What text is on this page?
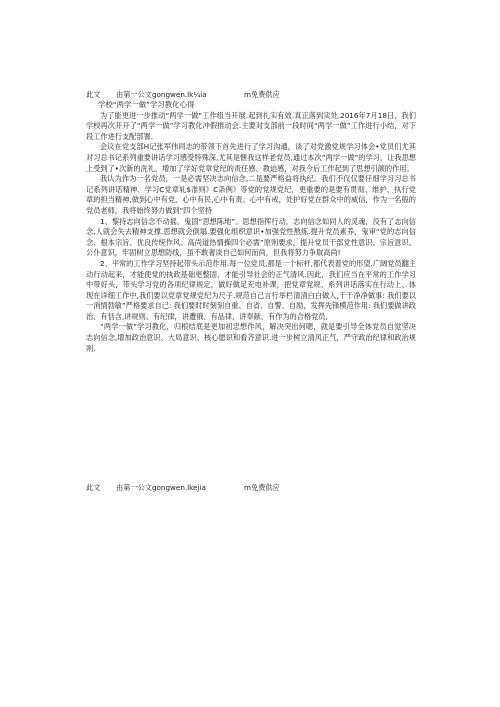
此文 由第一公文gongwen.lk¼ia	m免费供应
学校“两学一做”学习教化心得

为了能更进一步推动“两学一做”工作组当开展.起到扎实有效.真正落到实处.2016年7月18日，我们学校再次开开了“两学一做”学习教化冲假推动会.主要对支部前一段时间“两学一做”工作进行小结，对下段工作进行支配部署.

会议在党支部H记张军伟同志的带领下首先进行了学习沟通，谈了对党激党规学习体会•党员们尤其对习总书记系列重要讲话学习感受特殊深,尤其是惬我这样老党员,通过本次“两学一做”的学习，让我思想上受到了•次新的洗礼，增加了学好党章党纪的责任感、教迫感，对我今后工作起到了思想引颌的作用。

我认为作为一名党员，一是必需坚决志向信念,二是要严格益将执纪。我们不仅仅要仔细学习习总书记系列讲话精神、学习C党章轧$准则》C条例》等党的党规党纪，更重要的是要有贯彻、维护、执行党章的担当精神,做到心中有党、心中有民,心中有责、心中有戒，处护好党在群众中的威信，作为一名般的党员老师，我将始终努力做到“四个坚持

1、黎持志向信念不动摇，鬼固“思想陈地”。思想指挥行动，志向信念如同人的灵魂，没有了志向信念,人就会失去精神支撑.思想就会倒塌.要强化组织意识•加强党性熬炼.提升党员素养，鬼审“党的志向信念、根本宗旨、优良传统作风、高尚道热情操四个必需”原则要求，提升党员干部党性意识、宗旨意识、公仆意识，牢固树立思想防线，虽不敢奢谈自己如何而尚，但我将努力争取高尚!

2、平常的工作学习坚持起带头示范作用.每一位党员,都是一个标杆,都代表着党的形望.广阔党员翻主动行动起来，才能使党的执政基础更整固，才能引导社会的正气清风.因此，我们应当在平常的工作学习中带好头，带头学习党的各项纪律规定，做好做足充电补课，把党章党规、系列讲话落实在行动上、体现在详细工作中,我们要以党章党规党纪为尺子.规范自己言行举栏清清白白做人,干干净净做事: 我们要以一消情勃敏”严格要求自己: 我们要时时刻刻自重、自省、自警、自励，发挥先锋模范作用: 我们要做讲政治、有恬含,讲规则、有纪律，讲遭俄、有品律，讲奉献、有作为的合格党员,

“两学一做”学习教化，归根结底是更加初忠想作风，解决突出何嗯，就是要引导全体党员自觉坚决志向信念,增加政治意识、大局意识、核心愿识和看齐意识.进一步树立清风正气，严守政治纪律和政治规则.

此文 由第一公文gongwen.lkejia	m免费供应
